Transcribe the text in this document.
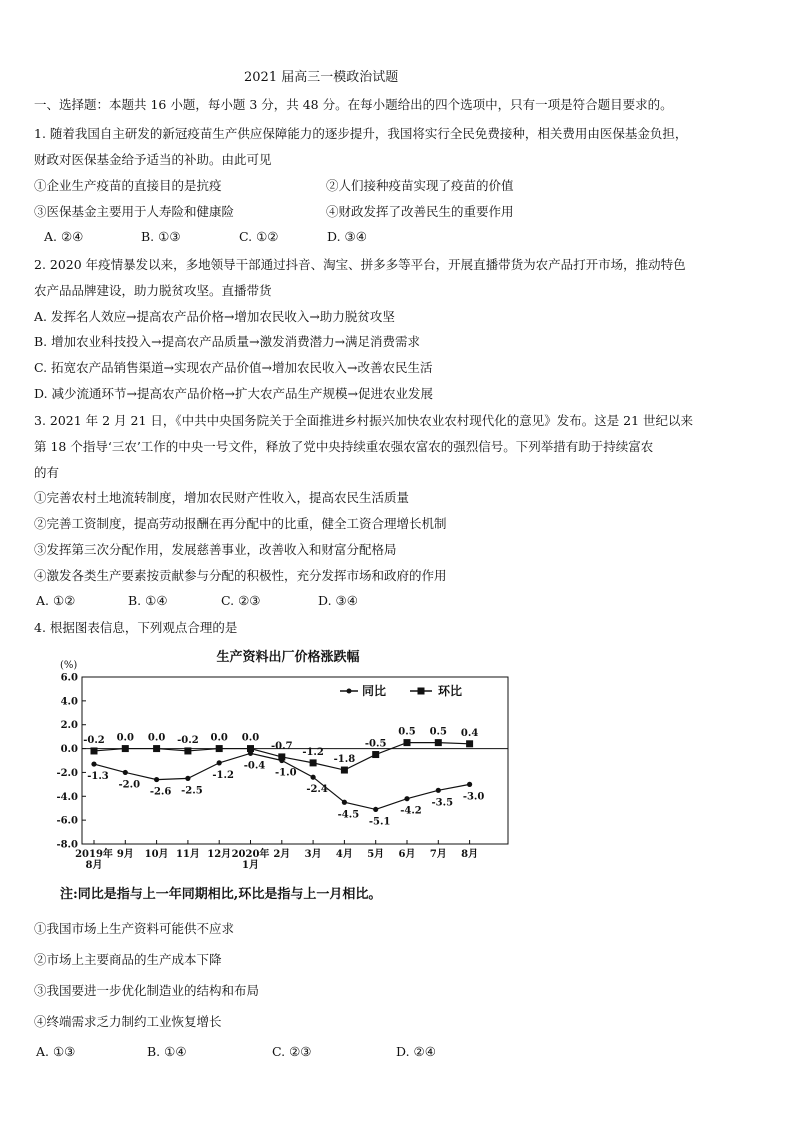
2021 届高三一模政治试题
一、选择题：本题共 16 小题，每小题 3 分，共 48 分。在每小题给出的四个选项中，只有一项是符合题目要求的。
1. 随着我国自主研发的新冠疫苗生产供应保障能力的逐步提升，我国将实行全民免费接种，相关费用由医保基金负担，
财政对医保基金给予适当的补助。由此可见
①企业生产疫苗的直接目的是抗疫	②人们接种疫苗实现了疫苗的价值
③医保基金主要用于人寿险和健康险	④财政发挥了改善民生的重要作用
A. ②④	B. ①③	C. ①②	D. ③④
2. 2020 年疫情暴发以来，多地领导干部通过抖音、淘宝、拼多多等平台，开展直播带货为农产品打开市场，推动特色
农产品品牌建设，助力脱贫攻坚。直播带货
A. 发挥名人效应→提高农产品价格→增加农民收入→助力脱贫攻坚
B. 增加农业科技投入→提高农产品质量→激发消费潜力→满足消费需求
C. 拓宽农产品销售渠道→实现农产品价值→增加农民收入→改善农民生活
D. 减少流通环节→提高农产品价格→扩大农产品生产规模→促进农业发展
3. 2021 年 2 月 21 日，《中共中央国务院关于全面推进乡村振兴加快农业农村现代化的意见》发布。这是 21 世纪以来
第 18 个指导‘三农’工作的中央一号文件，释放了党中央持续重农强农富农的强烈信号。下列举措有助于持续富农
的有
①完善农村土地流转制度，增加农民财产性收入，提高农民生活质量
②完善工资制度，提高劳动报酬在再分配中的比重，健全工资合理增长机制
③发挥第三次分配作用，发展慈善事业，改善收入和财富分配格局
④激发各类生产要素按贡献参与分配的积极性，充分发挥市场和政府的作用
A. ①②	B. ①④	C. ②③	D. ③④
4. 根据图表信息，下列观点合理的是
生产资料出厂价格涨跌幅
(%)
6.0
4.0
2.0
0.0
-2.0
-4.0
-6.0
-8.0
2019年
8月
9月 10月 11月 12月 2020年
1月
2月 3月 4月 5月 6月 7月 8月
-1.3
-2.0
-2.6 -2.5
-1.2
-0.4
-1.0
-2.4
-4.5
-5.1
-4.2
-3.5
-3.0
-0.2 0.0 0.0 -0.2 0.0 0.0
-0.7
-1.2
-1.8
-0.5
0.5 0.5 0.4
同比	环比
注:同比是指与上一年同期相比,环比是指与上一月相比。
①我国市场上生产资料可能供不应求
②市场上主要商品的生产成本下降
③我国要进一步优化制造业的结构和布局
④终端需求乏力制约工业恢复增长
A. ①③	B. ①④	C. ②③	D. ②④
